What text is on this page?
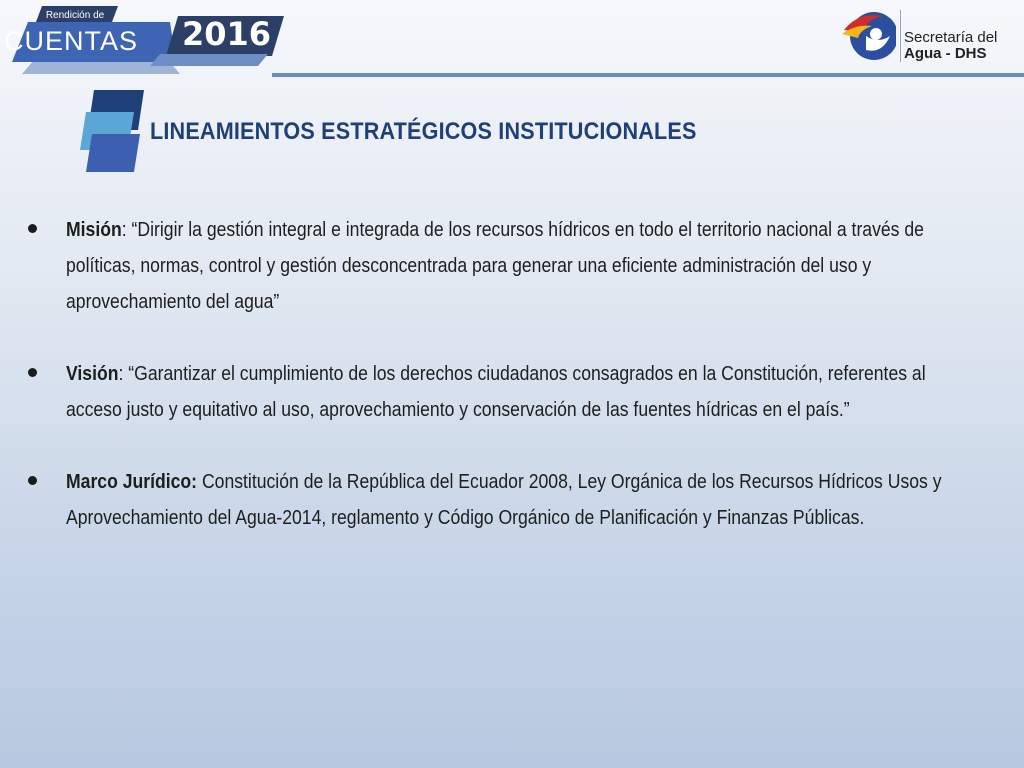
Rendición de
CUENTAS	2016	Secretaría del
Agua - DHS
LINEAMIENTOS ESTRATÉGICOS INSTITUCIONALES
Misión: “Dirigir la gestión integral e integrada de los recursos hídricos en todo el territorio nacional a través de políticas, normas, control y gestión desconcentrada para generar una eficiente administración del uso y aprovechamiento del agua”
Visión: “Garantizar el cumplimiento de los derechos ciudadanos consagrados en la Constitución, referentes al acceso justo y equitativo al uso, aprovechamiento y conservación de las fuentes hídricas en el país.”
Marco Jurídico: Constitución de la República del Ecuador 2008, Ley Orgánica de los Recursos Hídricos Usos y Aprovechamiento del Agua-2014, reglamento y Código Orgánico de Planificación y Finanzas Públicas.
